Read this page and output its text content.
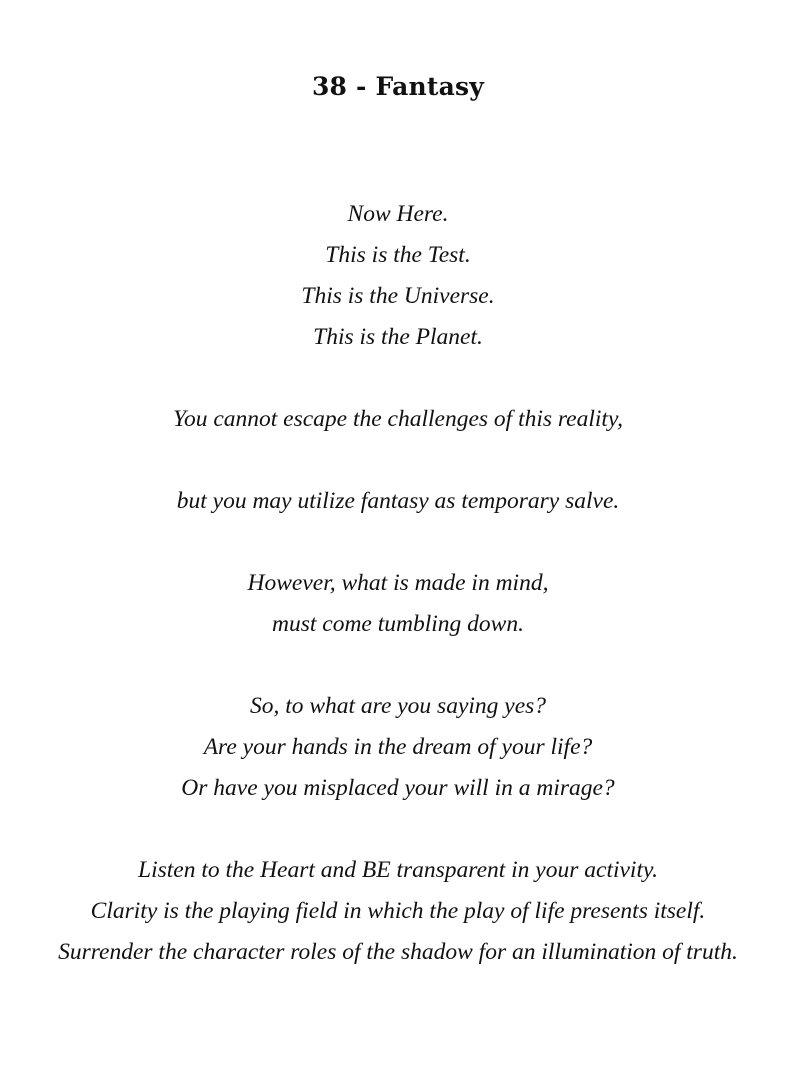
38 - Fantasy
Now Here.
This is the Test.
This is the Universe.
This is the Planet.
You cannot escape the challenges of this reality,
but you may utilize fantasy as temporary salve.
However, what is made in mind,
must come tumbling down.
So, to what are you saying yes?
Are your hands in the dream of your life?
Or have you misplaced your will in a mirage?
Listen to the Heart and BE transparent in your activity.
Clarity is the playing field in which the play of life presents itself.
Surrender the character roles of the shadow for an illumination of truth.
